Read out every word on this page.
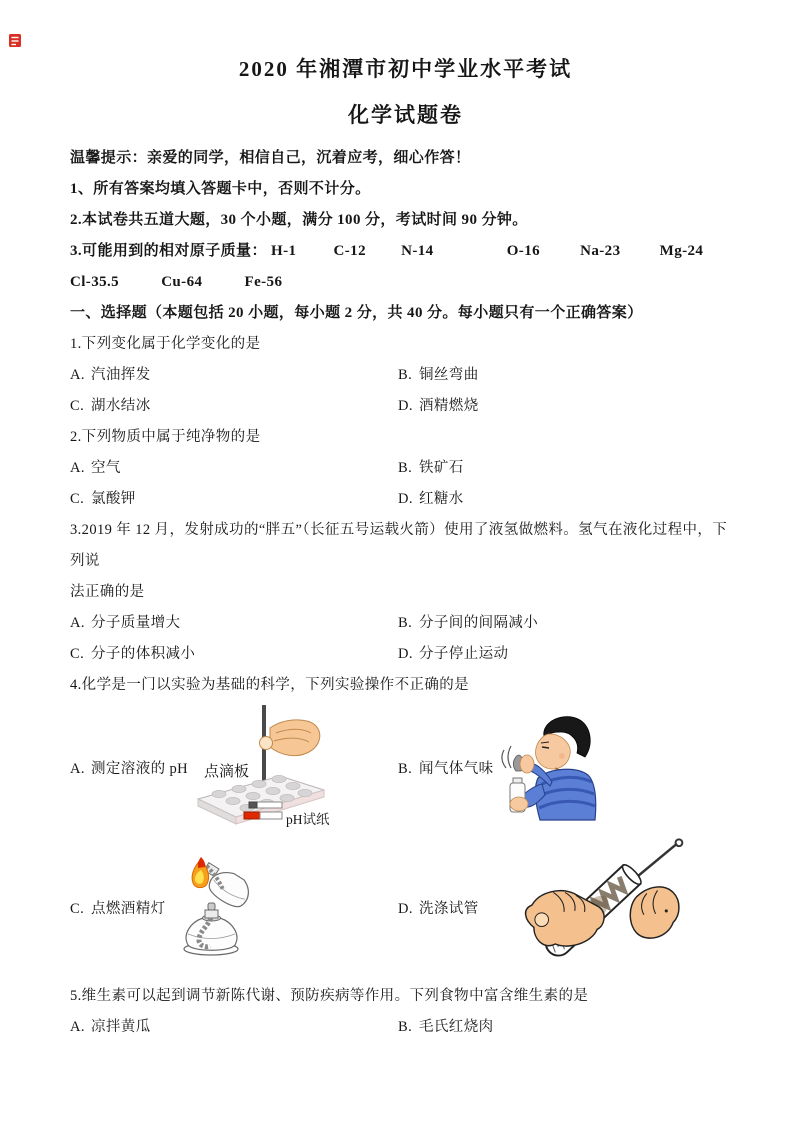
2020 年湘潭市初中学业水平考试
化学试题卷
温馨提示：亲爱的同学，相信自己，沉着应考，细心作答！
1、所有答案均填入答题卡中，否则不计分。
2.本试卷共五道大题，30 个小题，满分 100 分，考试时间 90 分钟。
3.可能用到的相对原子质量： H-1 C-12 N-14	O-16	Na-23	Mg-24
Cl-35.5	Cu-64	Fe-56
一、选择题（本题包括 20 小题，每小题 2 分，共 40 分。每小题只有一个正确答案）
1.下列变化属于化学变化的是
A. 汽油挥发	B. 铜丝弯曲
C. 湖水结冰	D. 酒精燃烧
2.下列物质中属于纯净物的是
A. 空气	B. 铁矿石
C. 氯酸钾	D. 红糖水
3.2019 年 12 月，发射成功的“胖五”（长征五号运载火箭）使用了液氢做燃料。氢气在液化过程中，下列说
法正确的是
A. 分子质量增大	B. 分子间的间隔减小
C. 分子的体积减小	D. 分子停止运动
4.化学是一门以实验为基础的科学，下列实验操作不正确的是
A. 测定溶液的 pH 点滴板
pH试纸
B. 闻气体气味
C. 点燃酒精灯	D. 洗涤试管
5.维生素可以起到调节新陈代谢、预防疾病等作用。下列食物中富含维生素的是
A. 凉拌黄瓜	B. 毛氏红烧肉
